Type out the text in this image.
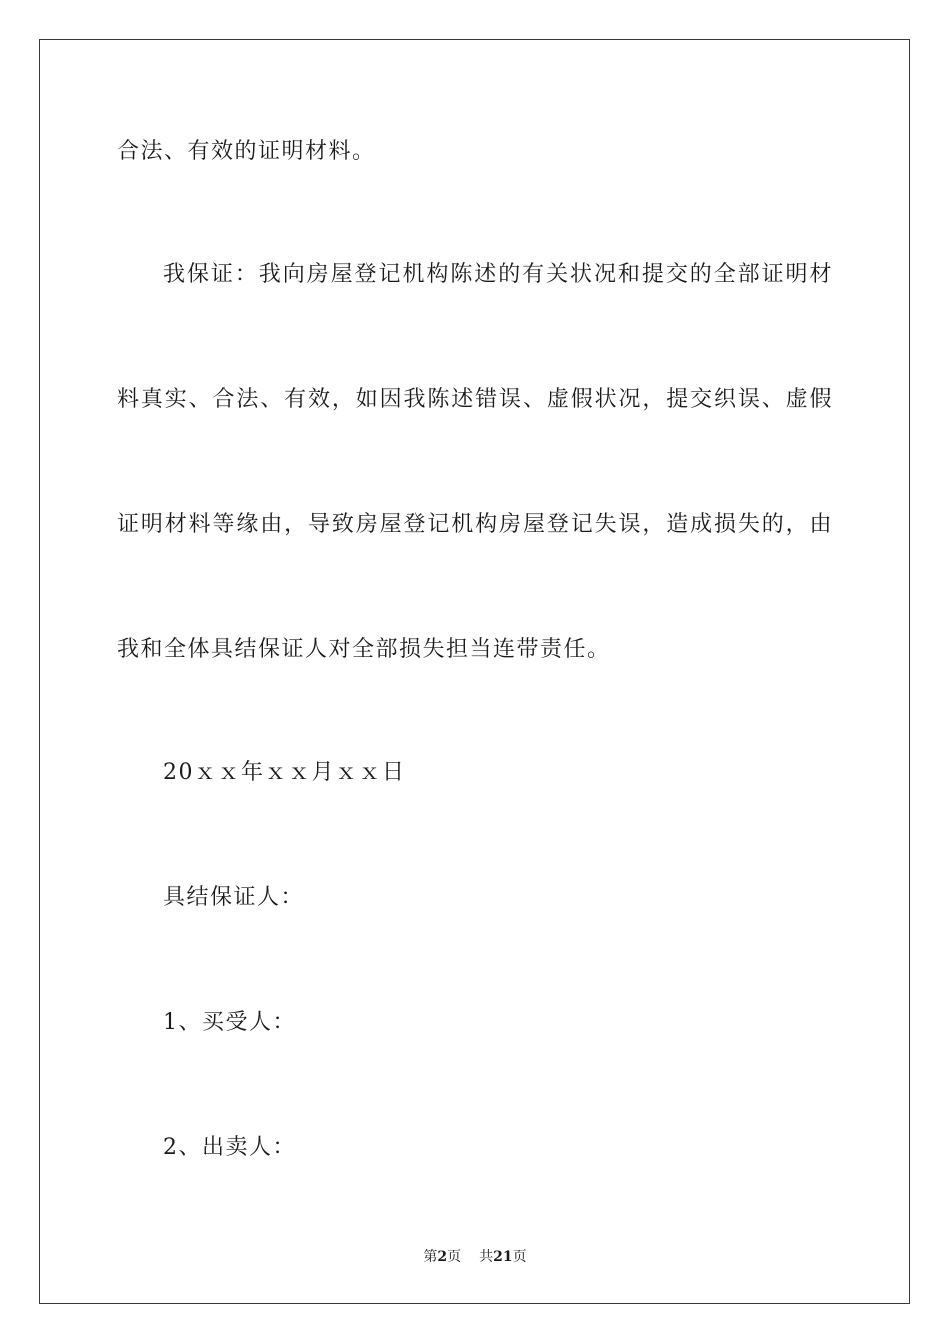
合法、有效的证明材料。
我保证：我向房屋登记机构陈述的有关状况和提交的全部证明材
料真实、合法、有效，如因我陈述错误、虚假状况，提交织误、虚假
证明材料等缘由，导致房屋登记机构房屋登记失误，造成损失的，由
我和全体具结保证人对全部损失担当连带责任。
20ｘｘ年ｘｘ月ｘｘ日
具结保证人：
1、买受人：
2、出卖人：
第2页 共21页
